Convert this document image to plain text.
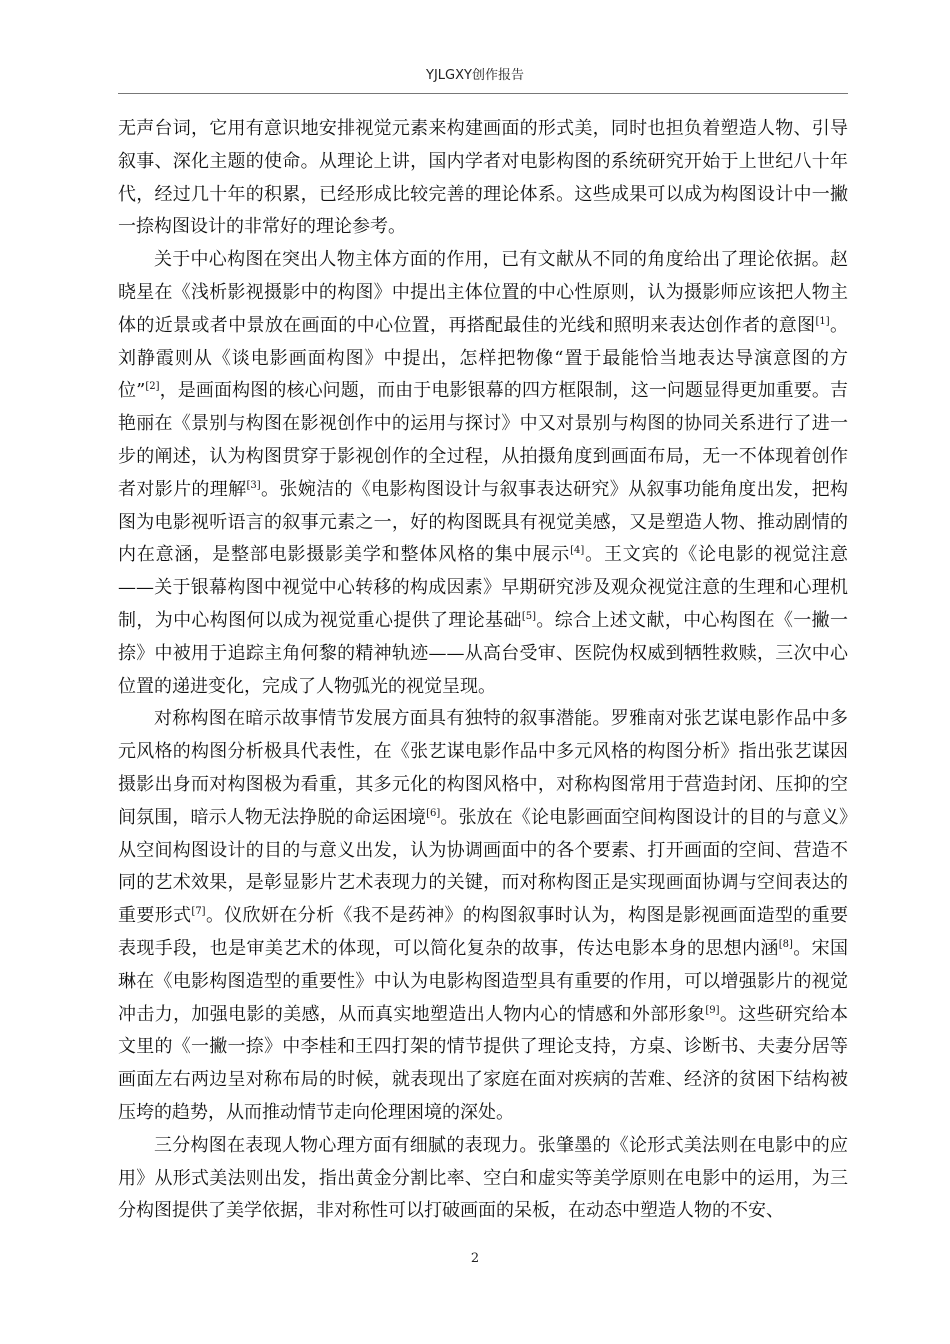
YJLGXY创作报告

无声台词，它用有意识地安排视觉元素来构建画面的形式美，同时也担负着塑造人物、引导叙事、深化主题的使命。从理论上讲，国内学者对电影构图的系统研究开始于上世纪八十年代，经过几十年的积累，已经形成比较完善的理论体系。这些成果可以成为构图设计中一撇一捺构图设计的非常好的理论参考。

关于中心构图在突出人物主体方面的作用，已有文献从不同的角度给出了理论依据。赵晓星在《浅析影视摄影中的构图》中提出主体位置的中心性原则，认为摄影师应该把人物主体的近景或者中景放在画面的中心位置，再搭配最佳的光线和照明来表达创作者的意图[1]。刘静霞则从《谈电影画面构图》中提出，怎样把物像“置于最能恰当地表达导演意图的方位”[2]，是画面构图的核心问题，而由于电影银幕的四方框限制，这一问题显得更加重要。吉艳丽在《景别与构图在影视创作中的运用与探讨》中又对景别与构图的协同关系进行了进一步的阐述，认为构图贯穿于影视创作的全过程，从拍摄角度到画面布局，无一不体现着创作者对影片的理解[3]。张婉洁的《电影构图设计与叙事表达研究》从叙事功能角度出发，把构图为电影视听语言的叙事元素之一，好的构图既具有视觉美感，又是塑造人物、推动剧情的内在意涵，是整部电影摄影美学和整体风格的集中展示[4]。王文宾的《论电影的视觉注意——关于银幕构图中视觉中心转移的构成因素》早期研究涉及观众视觉注意的生理和心理机制，为中心构图何以成为视觉重心提供了理论基础[5]。综合上述文献，中心构图在《一撇一捺》中被用于追踪主角何黎的精神轨迹——从高台受审、医院伪权威到牺牲救赎，三次中心位置的递进变化，完成了人物弧光的视觉呈现。

对称构图在暗示故事情节发展方面具有独特的叙事潜能。罗雅南对张艺谋电影作品中多元风格的构图分析极具代表性，在《张艺谋电影作品中多元风格的构图分析》指出张艺谋因摄影出身而对构图极为看重，其多元化的构图风格中，对称构图常用于营造封闭、压抑的空间氛围，暗示人物无法挣脱的命运困境[6]。张放在《论电影画面空间构图设计的目的与意义》从空间构图设计的目的与意义出发，认为协调画面中的各个要素、打开画面的空间、营造不同的艺术效果，是彰显影片艺术表现力的关键，而对称构图正是实现画面协调与空间表达的重要形式[7]。仪欣妍在分析《我不是药神》的构图叙事时认为，构图是影视画面造型的重要表现手段，也是审美艺术的体现，可以简化复杂的故事，传达电影本身的思想内涵[8]。宋国琳在《电影构图造型的重要性》中认为电影构图造型具有重要的作用，可以增强影片的视觉冲击力，加强电影的美感，从而真实地塑造出人物内心的情感和外部形象[9]。这些研究给本文里的《一撇一捺》中李桂和王四打架的情节提供了理论支持，方桌、诊断书、夫妻分居等画面左右两边呈对称布局的时候，就表现出了家庭在面对疾病的苦难、经济的贫困下结构被压垮的趋势，从而推动情节走向伦理困境的深处。

三分构图在表现人物心理方面有细腻的表现力。张肇墨的《论形式美法则在电影中的应用》从形式美法则出发，指出黄金分割比率、空白和虚实等美学原则在电影中的运用，为三分构图提供了美学依据，非对称性可以打破画面的呆板，在动态中塑造人物的不安、

2
